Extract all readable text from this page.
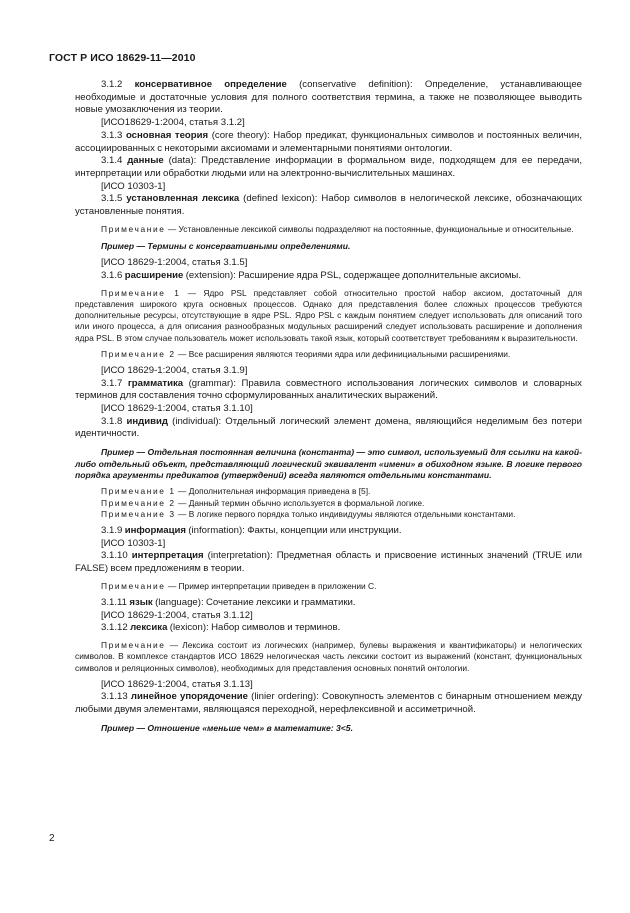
ГОСТ Р ИСО 18629-11—2010

3.1.2 консервативное определение (conservative definition): Определение, устанавливающее необходимые и достаточные условия для полного соответствия термина, а также не позволяющее выводить новые умозаключения из теории.

[ИСО18629-1:2004, статья 3.1.2]

3.1.3 основная теория (core theory): Набор предикат, функциональных символов и постоянных величин, ассоциированных с некоторыми аксиомами и элементарными понятиями онтологии.

3.1.4 данные (data): Представление информации в формальном виде, подходящем для ее передачи, интерпретации или обработки людьми или на электронно-вычислительных машинах.

[ИСО 10303-1]

3.1.5 установленная лексика (defined lexicon): Набор символов в нелогической лексике, обозначающих установленные понятия.

Примечание — Установленные лексикой символы подразделяют на постоянные, функциональные и относительные.

Пример — Термины с консервативными определениями.

[ИСО 18629-1:2004, статья 3.1.5]

3.1.6 расширение (extension): Расширение ядра PSL, содержащее дополнительные аксиомы.

Примечание 1 — Ядро PSL представляет собой относительно простой набор аксиом, достаточный для представления широкого круга основных процессов. Однако для представления более сложных процессов требуются дополнительные ресурсы, отсутствующие в ядре PSL. Ядро PSL с каждым понятием следует использовать для описаний того или иного процесса, а для описания разнообразных модульных расширений следует использовать расширение и дополнения ядра PSL. В этом случае пользователь может использовать такой язык, который соответствует требованиям к выразительности.

Примечание 2 — Все расширения являются теориями ядра или дефинициальными расширениями.

[ИСО 18629-1:2004, статья 3.1.9]

3.1.7 грамматика (grammar): Правила совместного использования логических символов и словарных терминов для составления точно сформулированных аналитических выражений.

[ИСО 18629-1:2004, статья 3.1.10]

3.1.8 индивид (individual): Отдельный логический элемент домена, являющийся неделимым без потери идентичности.

Пример — Отдельная постоянная величина (константа) — это символ, используемый для ссылки на какой-либо отдельный объект, представляющий логический эквивалент «имени» в обиходном языке. В логике первого порядка аргументы предикатов (утверждений) всегда являются отдельными константами.

Примечание 1 — Дополнительная информация приведена в [5].

Примечание 2 — Данный термин обычно используется в формальной логике.

Примечание 3 — В логике первого порядка только индивидуумы являются отдельными константами.

3.1.9 информация (information): Факты, концепции или инструкции.

[ИСО 10303-1]

3.1.10 интерпретация (interpretation): Предметная область и присвоение истинных значений (TRUE или FALSE) всем предложениям в теории.

Примечание — Пример интерпретации приведен в приложении С.

3.1.11 язык (language): Сочетание лексики и грамматики.

[ИСО 18629-1:2004, статья 3.1.12]

3.1.12 лексика (lexicon): Набор символов и терминов.

Примечание — Лексика состоит из логических (например, булевы выражения и квантификаторы) и нелогических символов. В комплексе стандартов ИСО 18629 нелогическая часть лексики состоит из выражений (констант, функциональных символов и реляционных символов), необходимых для представления основных понятий онтологии.

[ИСО 18629-1:2004, статья 3.1.13]

3.1.13 линейное упорядочение (linier ordering): Совокупность элементов с бинарным отношением между любыми двумя элементами, являющаяся переходной, нерефлексивной и ассиметричной.

Пример — Отношение «меньше чем» в математике: 3<5.

2
